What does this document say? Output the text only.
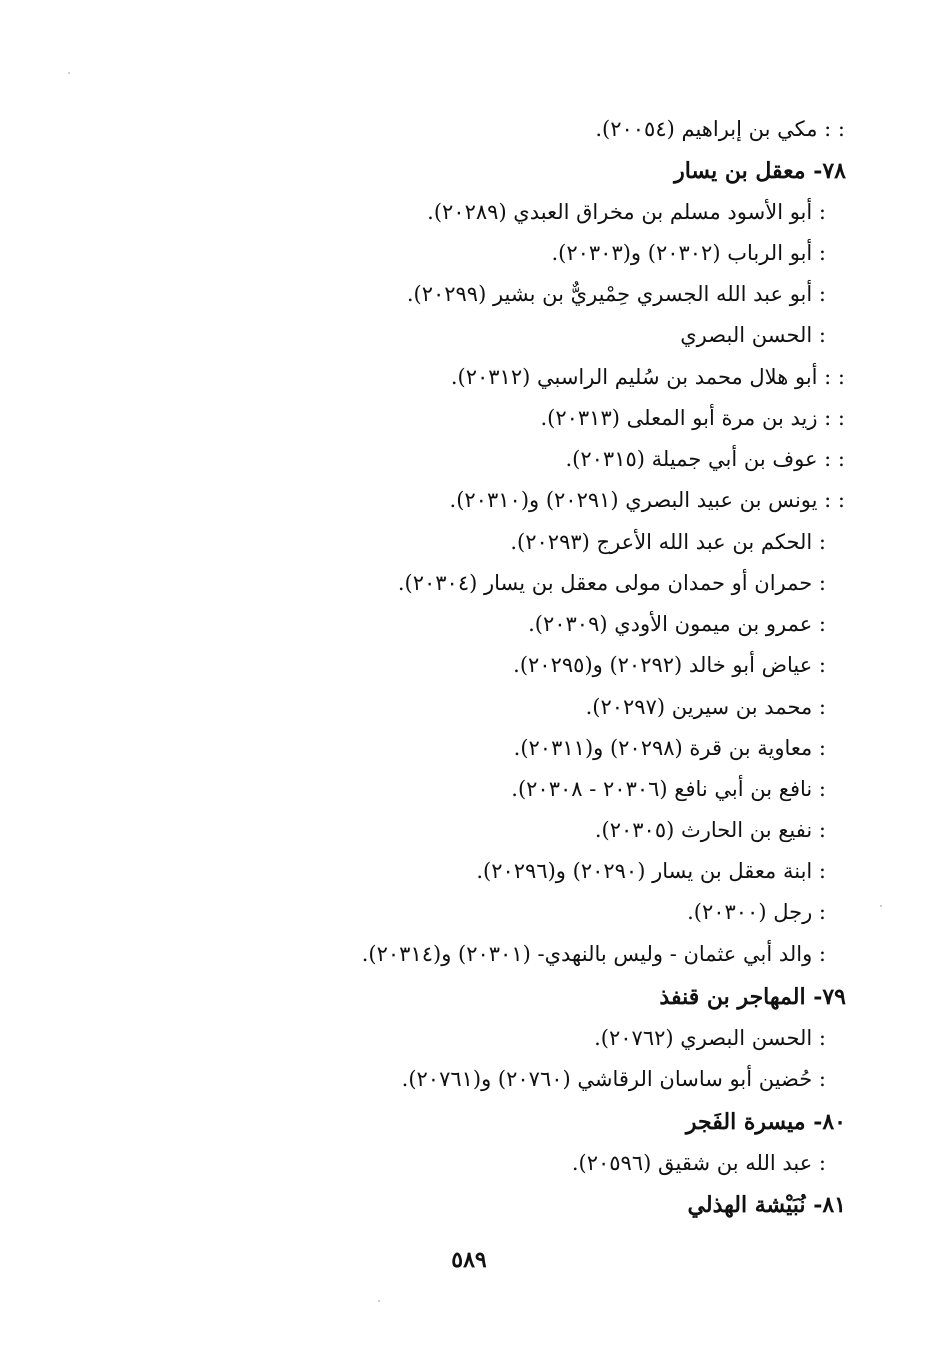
: : مكي بن إبراهيم (٢٠٠٥٤).
٧٨- معقل بن يسار
: أبو الأسود مسلم بن مخراق العبدي (٢٠٢٨٩).
: أبو الرباب (٢٠٣٠٢) و(٢٠٣٠٣).
: أبو عبد الله الجسري حِمْيريٌّ بن بشير (٢٠٢٩٩).
: الحسن البصري
: : أبو هلال محمد بن سُليم الراسبي (٢٠٣١٢).
: : زيد بن مرة أبو المعلى (٢٠٣١٣).
: : عوف بن أبي جميلة (٢٠٣١٥).
: : يونس بن عبيد البصري (٢٠٢٩١) و(٢٠٣١٠).
: الحكم بن عبد الله الأعرج (٢٠٢٩٣).
: حمران أو حمدان مولى معقل بن يسار (٢٠٣٠٤).
: عمرو بن ميمون الأودي (٢٠٣٠٩).
: عياض أبو خالد (٢٠٢٩٢) و(٢٠٢٩٥).
: محمد بن سيرين (٢٠٢٩٧).
: معاوية بن قرة (٢٠٢٩٨) و(٢٠٣١١).
: نافع بن أبي نافع (٢٠٣٠٦ - ٢٠٣٠٨).
: نفيع بن الحارث (٢٠٣٠٥).
: ابنة معقل بن يسار (٢٠٢٩٠) و(٢٠٢٩٦).
: رجل (٢٠٣٠٠).
: والد أبي عثمان - وليس بالنهدي- (٢٠٣٠١) و(٢٠٣١٤).
٧٩- المهاجر بن قنفذ
: الحسن البصري (٢٠٧٦٢).
: حُضين أبو ساسان الرقاشي (٢٠٧٦٠) و(٢٠٧٦١).
٨٠- ميسرة الفَجر
: عبد الله بن شقيق (٢٠٥٩٦).
٨١- نُبَيْشة الهذلي
٥٨٩
